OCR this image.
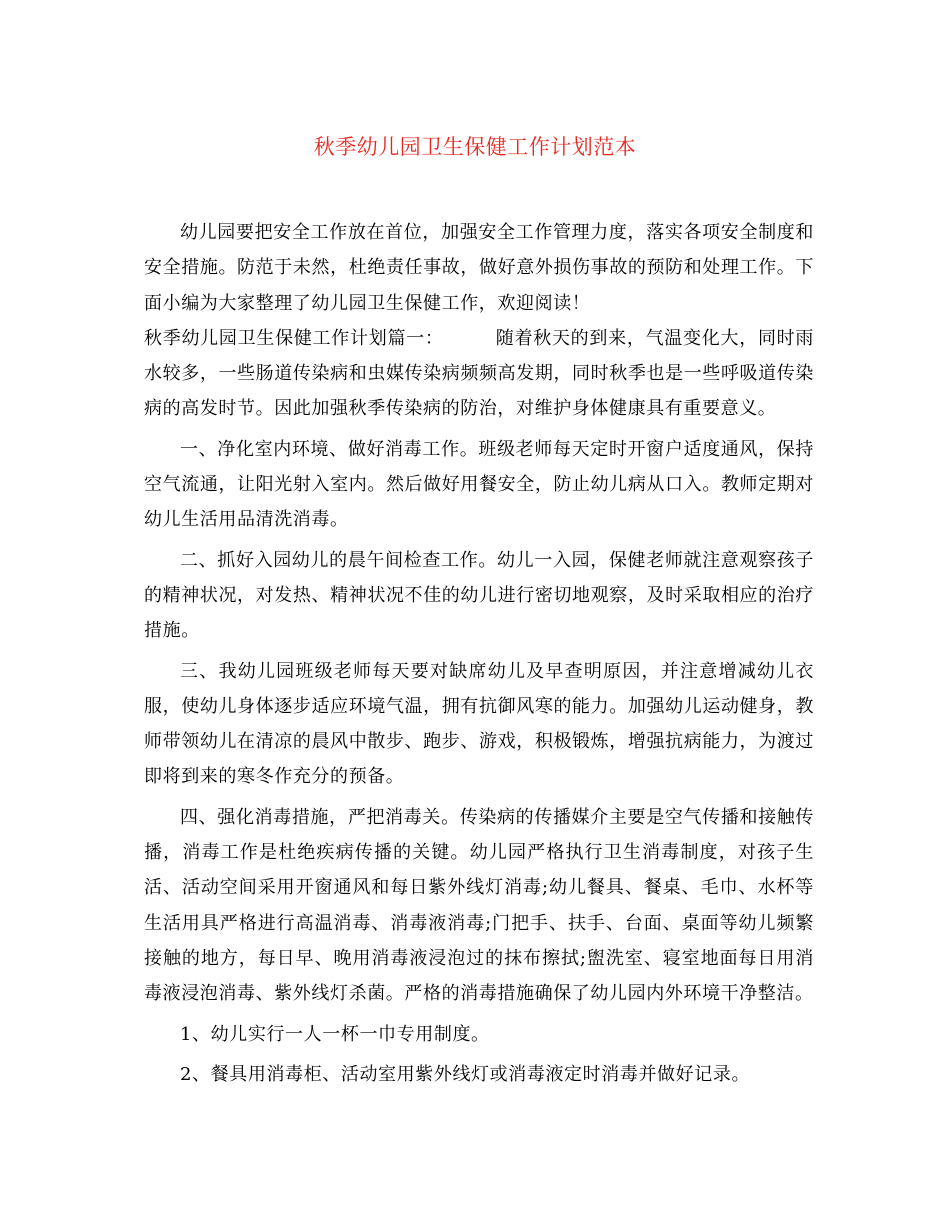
秋季幼儿园卫生保健工作计划范本

幼儿园要把安全工作放在首位，加强安全工作管理力度，落实各项安全制度和安全措施。防范于未然，杜绝责任事故，做好意外损伤事故的预防和处理工作。下面小编为大家整理了幼儿园卫生保健工作，欢迎阅读！

秋季幼儿园卫生保健工作计划篇一：	随着秋天的到来，气温变化大，同时雨水较多，一些肠道传染病和虫媒传染病频频高发期，同时秋季也是一些呼吸道传染病的高发时节。因此加强秋季传染病的防治，对维护身体健康具有重要意义。

一、净化室内环境、做好消毒工作。班级老师每天定时开窗户适度通风，保持空气流通，让阳光射入室内。然后做好用餐安全，防止幼儿病从口入。教师定期对幼儿生活用品清洗消毒。

二、抓好入园幼儿的晨午间检查工作。幼儿一入园，保健老师就注意观察孩子的精神状况，对发热、精神状况不佳的幼儿进行密切地观察，及时采取相应的治疗措施。

三、我幼儿园班级老师每天要对缺席幼儿及早查明原因，并注意增减幼儿衣服，使幼儿身体逐步适应环境气温，拥有抗御风寒的能力。加强幼儿运动健身，教师带领幼儿在清凉的晨风中散步、跑步、游戏，积极锻炼，增强抗病能力，为渡过即将到来的寒冬作充分的预备。

四、强化消毒措施，严把消毒关。传染病的传播媒介主要是空气传播和接触传播，消毒工作是杜绝疾病传播的关键。幼儿园严格执行卫生消毒制度，对孩子生活、活动空间采用开窗通风和每日紫外线灯消毒;幼儿餐具、餐桌、毛巾、水杯等生活用具严格进行高温消毒、消毒液消毒;门把手、扶手、台面、桌面等幼儿频繁接触的地方，每日早、晚用消毒液浸泡过的抹布擦拭;盥洗室、寝室地面每日用消毒液浸泡消毒、紫外线灯杀菌。严格的消毒措施确保了幼儿园内外环境干净整洁。

1、幼儿实行一人一杯一巾专用制度。

2、餐具用消毒柜、活动室用紫外线灯或消毒液定时消毒并做好记录。
